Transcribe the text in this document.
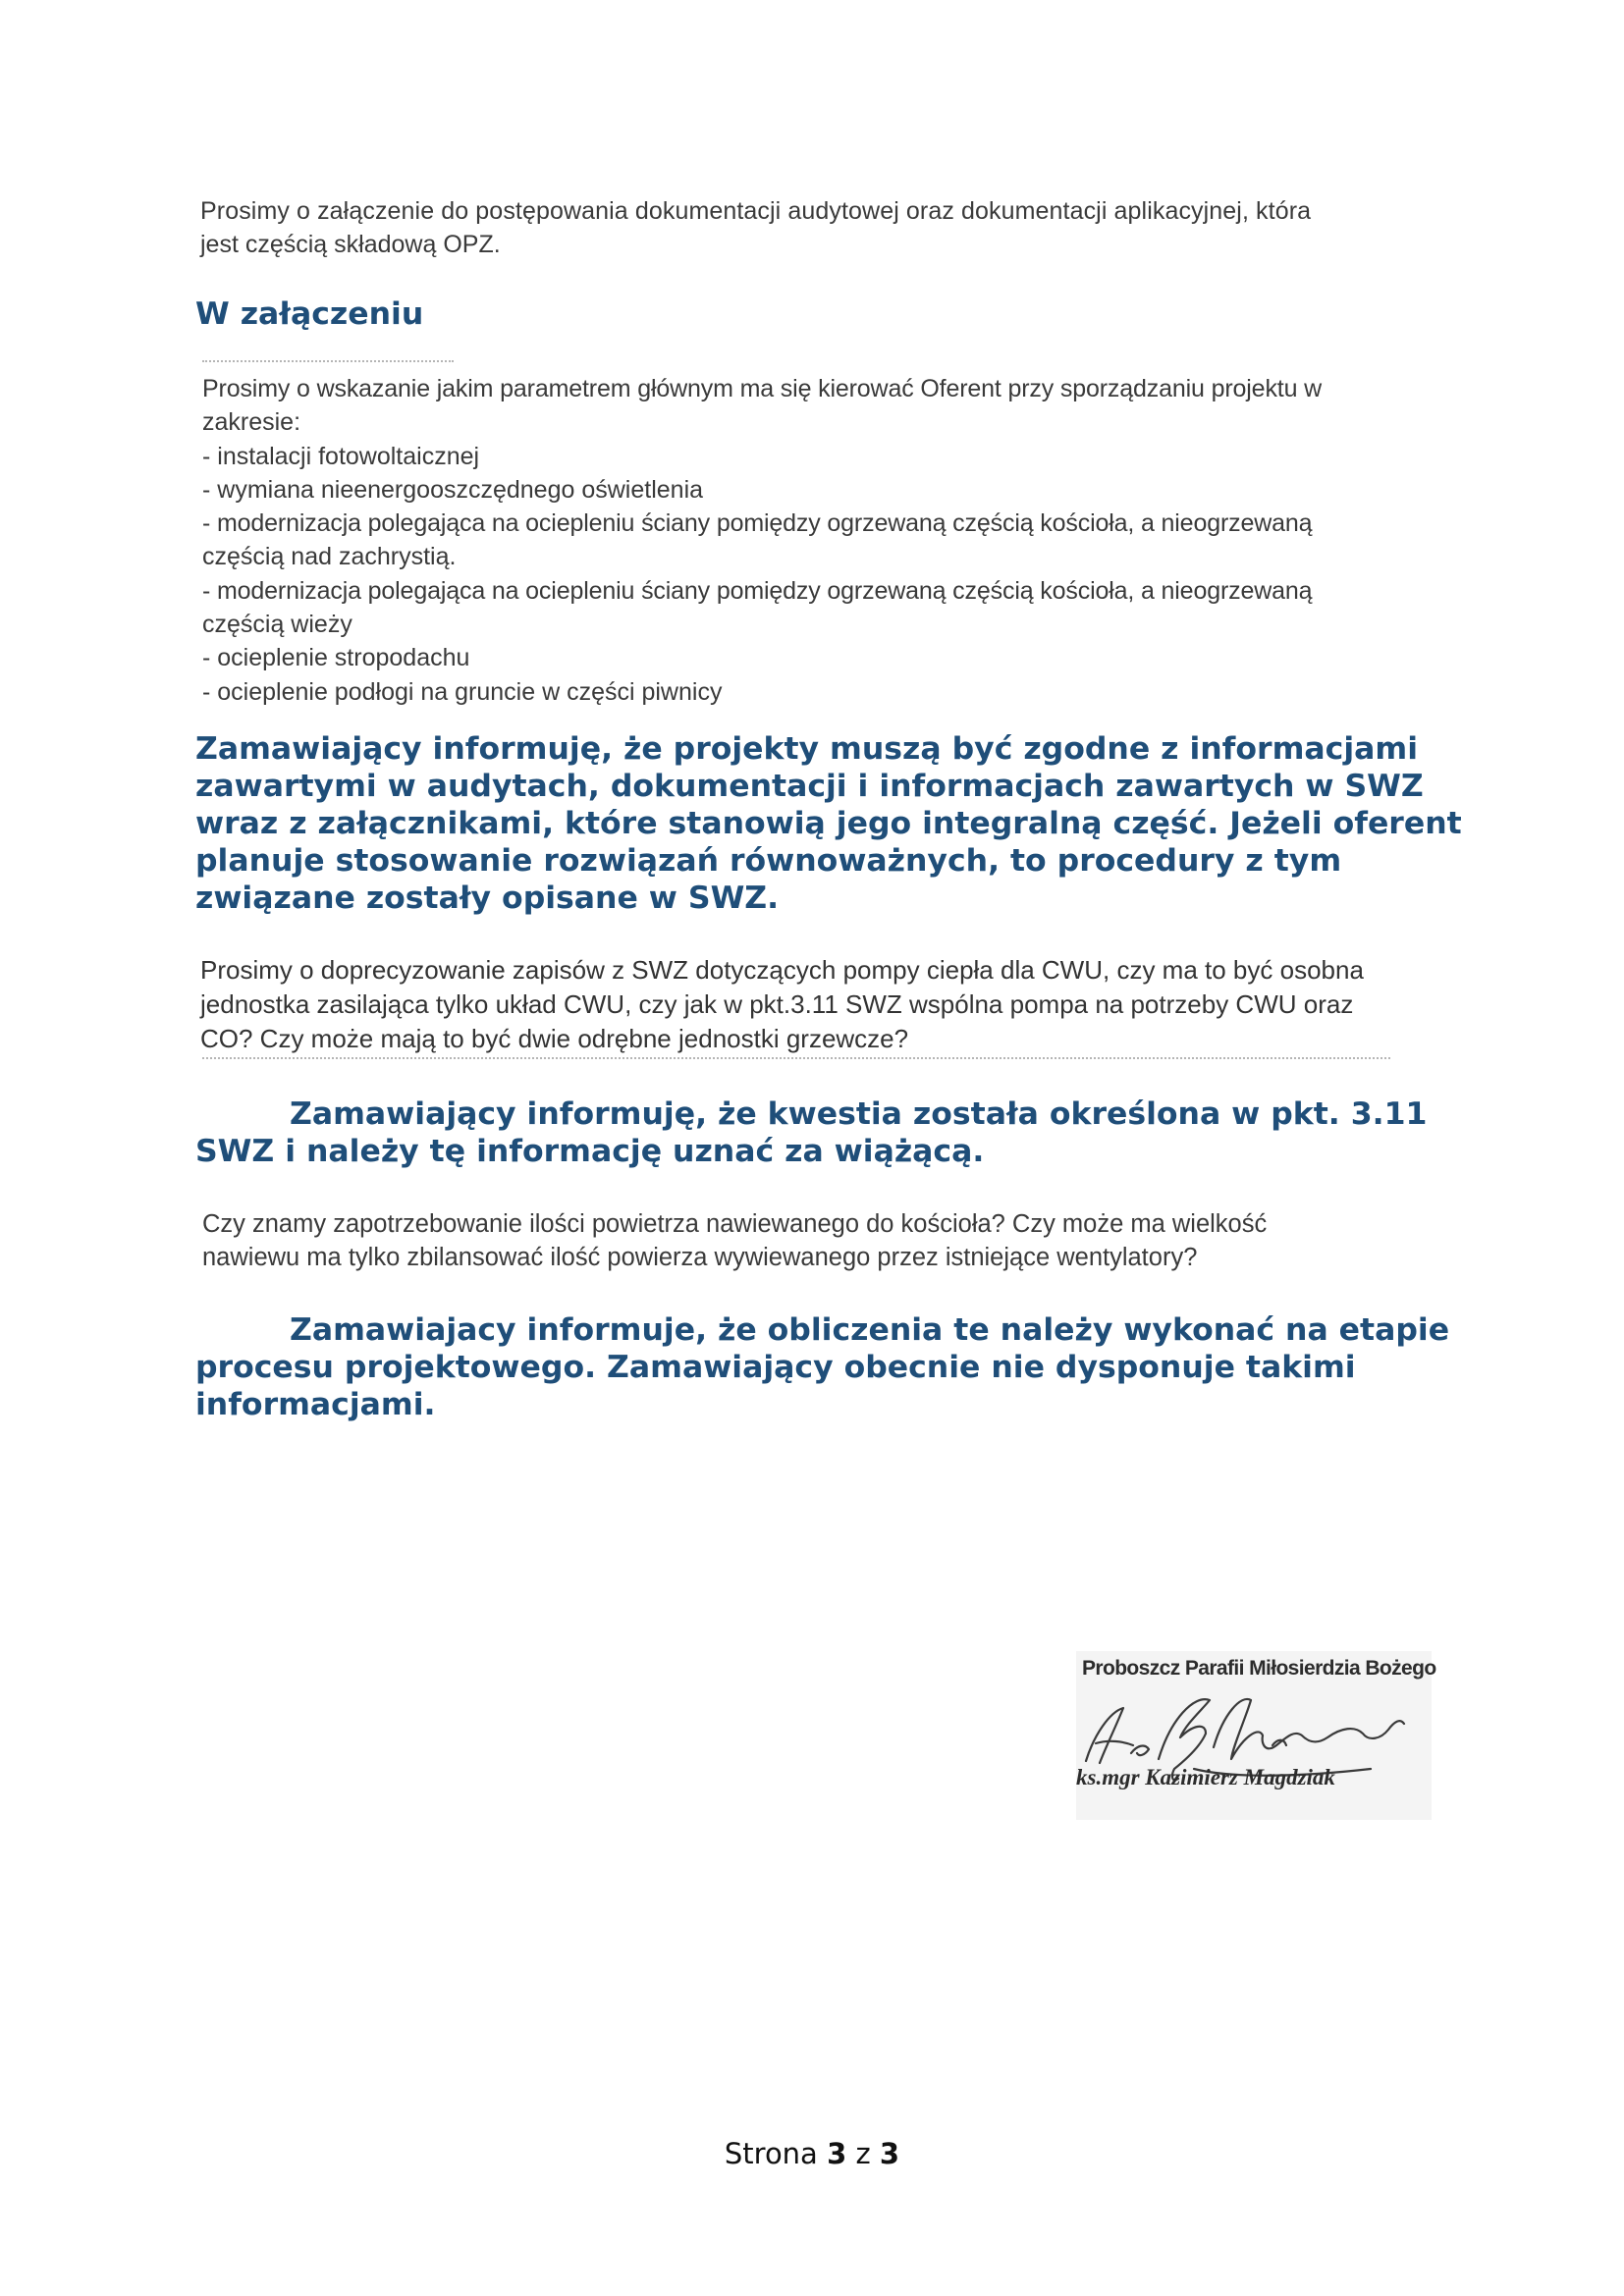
Prosimy o załączenie do postępowania dokumentacji audytowej oraz dokumentacji aplikacyjnej, która

jest częścią składową OPZ.

W załączeniu

Prosimy o wskazanie jakim parametrem głównym ma się kierować Oferent przy sporządzaniu projektu w

zakresie:

- instalacji fotowoltaicznej

- wymiana nieenergooszczędnego oświetlenia

- modernizacja polegająca na ociepleniu ściany pomiędzy ogrzewaną częścią kościoła, a nieogrzewaną

częścią nad zachrystią.

- modernizacja polegająca na ociepleniu ściany pomiędzy ogrzewaną częścią kościoła, a nieogrzewaną

częścią wieży

- ocieplenie stropodachu

- ocieplenie podłogi na gruncie w części piwnicy

Zamawiający informuję, że projekty muszą być zgodne z informacjami

zawartymi w audytach, dokumentacji i informacjach zawartych w SWZ

wraz z załącznikami, które stanowią jego integralną część. Jeżeli oferent

planuje stosowanie rozwiązań równoważnych, to procedury z tym

związane zostały opisane w SWZ.

Prosimy o doprecyzowanie zapisów z SWZ dotyczących pompy ciepła dla CWU, czy ma to być osobna

jednostka zasilająca tylko układ CWU, czy jak w pkt.3.11 SWZ wspólna pompa na potrzeby CWU oraz

CO? Czy może mają to być dwie odrębne jednostki grzewcze?

Zamawiający informuję, że kwestia została określona w pkt. 3.11

SWZ i należy tę informację uznać za wiążącą.

Czy znamy zapotrzebowanie ilości powietrza nawiewanego do kościoła? Czy może ma wielkość

nawiewu ma tylko zbilansować ilość powierza wywiewanego przez istniejące wentylatory?

Zamawiajacy informuje, że obliczenia te należy wykonać na etapie

procesu projektowego. Zamawiający obecnie nie dysponuje takimi

informacjami.

Proboszcz Parafii Miłosierdzia Bożego
ks.mgr Kazimierz Magdziak
Strona 3 z 3
